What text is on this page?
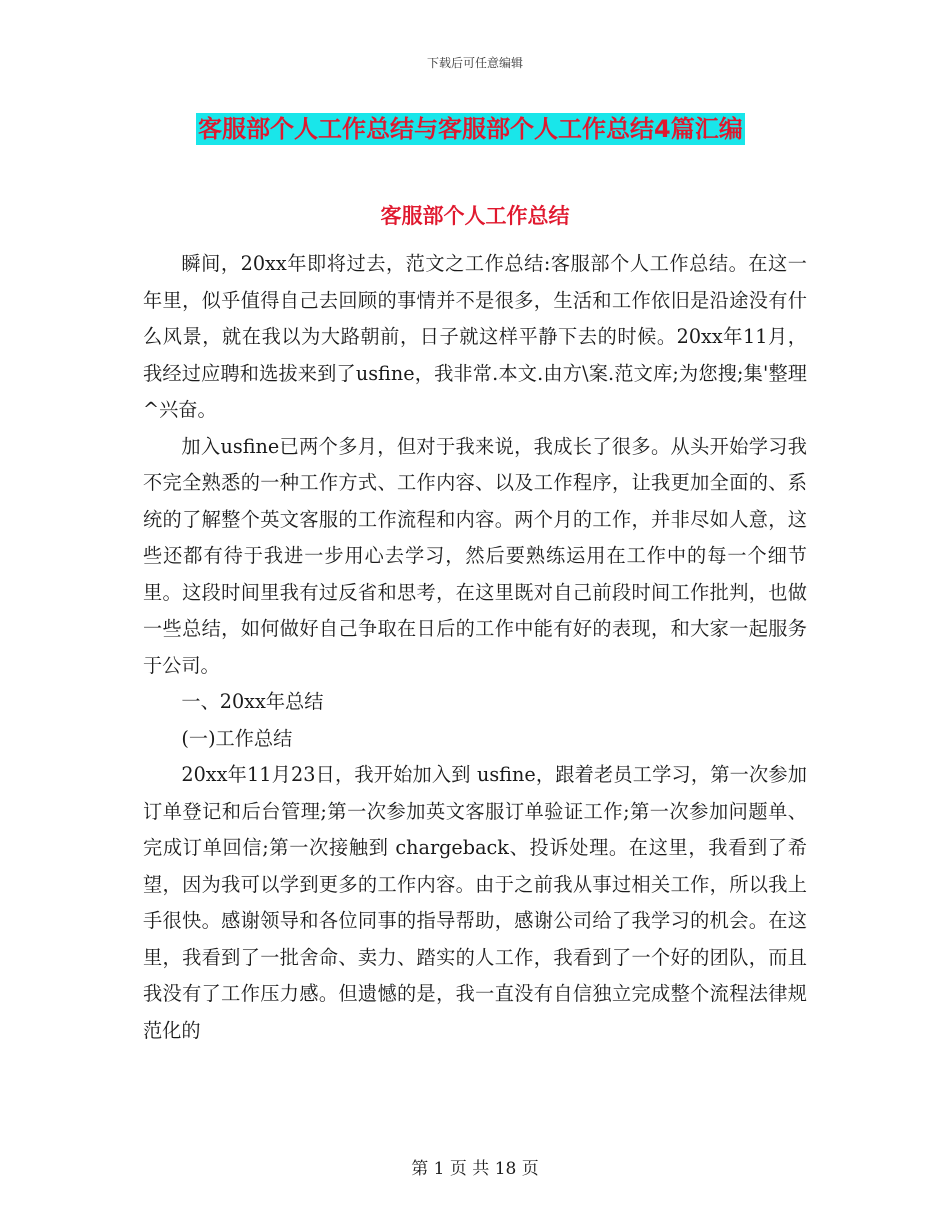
下载后可任意编辑
客服部个人工作总结与客服部个人工作总结4篇汇编
客服部个人工作总结

瞬间，20xx年即将过去，范文之工作总结:客服部个人工作总结。在这一年里，似乎值得自己去回顾的事情并不是很多，生活和工作依旧是沿途没有什么风景，就在我以为大路朝前，日子就这样平静下去的时候。20xx年11月，我经过应聘和选拔来到了usfine，我非常.本文.由方\案.范文库;为您搜;集'整理^兴奋。

加入usfine已两个多月，但对于我来说，我成长了很多。从头开始学习我不完全熟悉的一种工作方式、工作内容、以及工作程序，让我更加全面的、系统的了解整个英文客服的工作流程和内容。两个月的工作，并非尽如人意，这些还都有待于我进一步用心去学习，然后要熟练运用在工作中的每一个细节里。这段时间里我有过反省和思考，在这里既对自己前段时间工作批判，也做一些总结，如何做好自己争取在日后的工作中能有好的表现，和大家一起服务于公司。

一、20xx年总结

(一)工作总结

20xx年11月23日，我开始加入到 usfine，跟着老员工学习，第一次参加订单登记和后台管理;第一次参加英文客服订单验证工作;第一次参加问题单、完成订单回信;第一次接触到 chargeback、投诉处理。在这里，我看到了希望，因为我可以学到更多的工作内容。由于之前我从事过相关工作，所以我上手很快。感谢领导和各位同事的指导帮助，感谢公司给了我学习的机会。在这里，我看到了一批舍命、卖力、踏实的人工作，我看到了一个好的团队，而且我没有了工作压力感。但遗憾的是，我一直没有自信独立完成整个流程法律规范化的

第 1 页 共 18 页
